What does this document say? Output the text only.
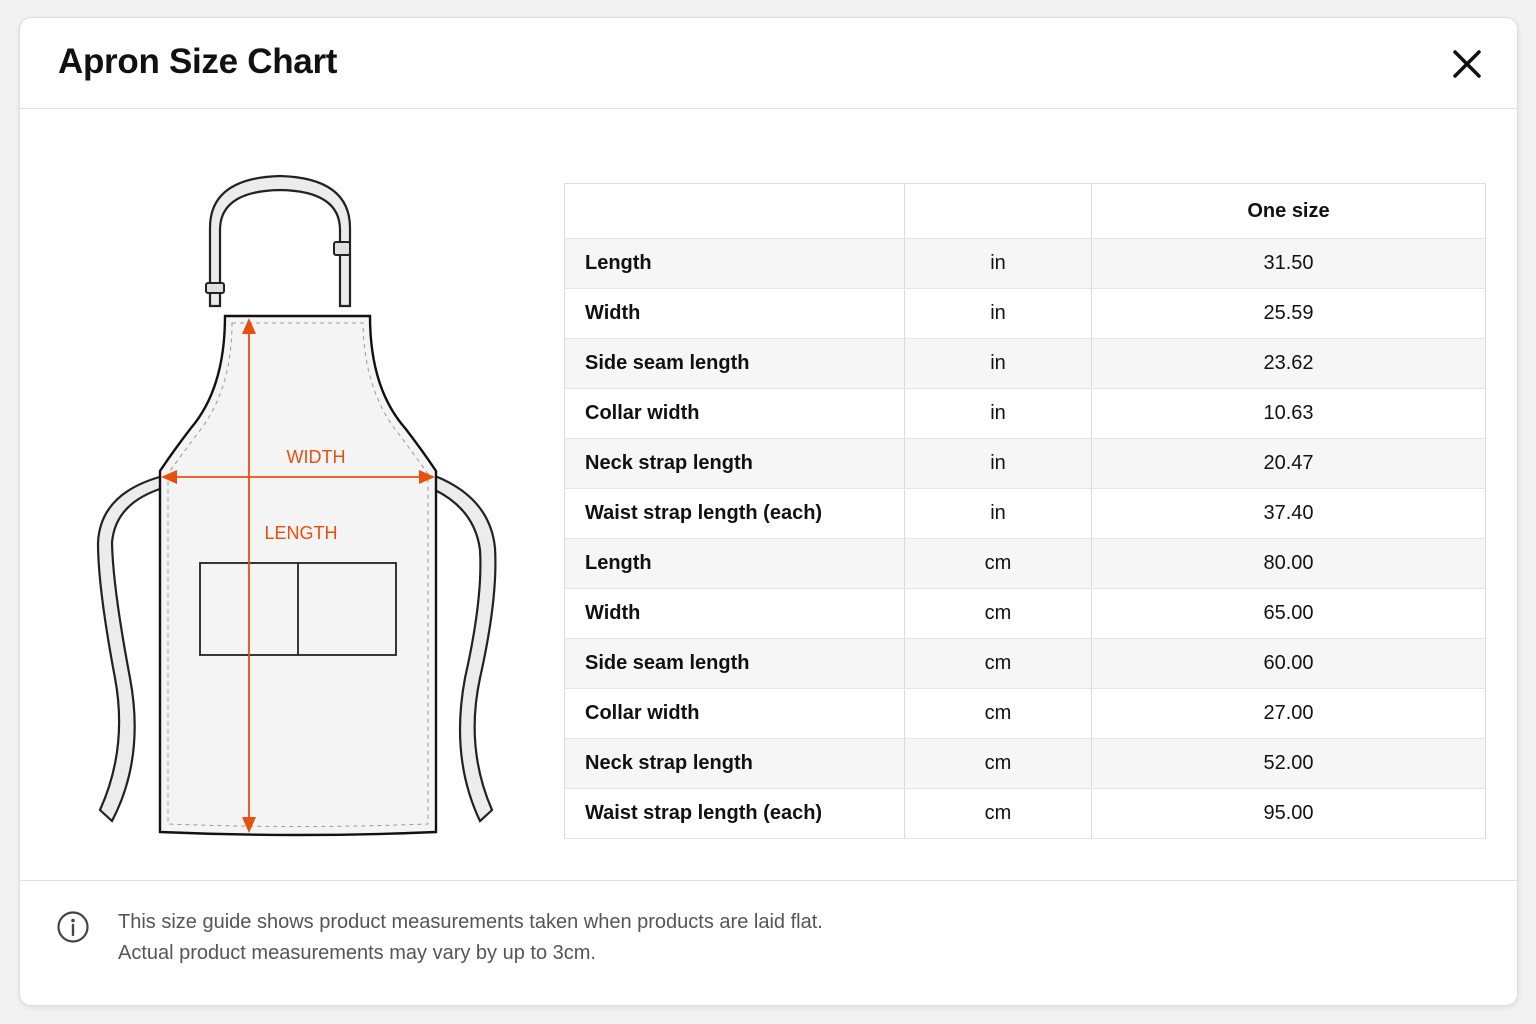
Apron Size Chart
WIDTH
LENGTH
		One size
Length	in	31.50
Width	in	25.59
Side seam length	in	23.62
Collar width	in	10.63
Neck strap length	in	20.47
Waist strap length (each)	in	37.40
Length	cm	80.00
Width	cm	65.00
Side seam length	cm	60.00
Collar width	cm	27.00
Neck strap length	cm	52.00
Waist strap length (each)	cm	95.00
This size guide shows product measurements taken when products are laid flat.
Actual product measurements may vary by up to 3cm.
